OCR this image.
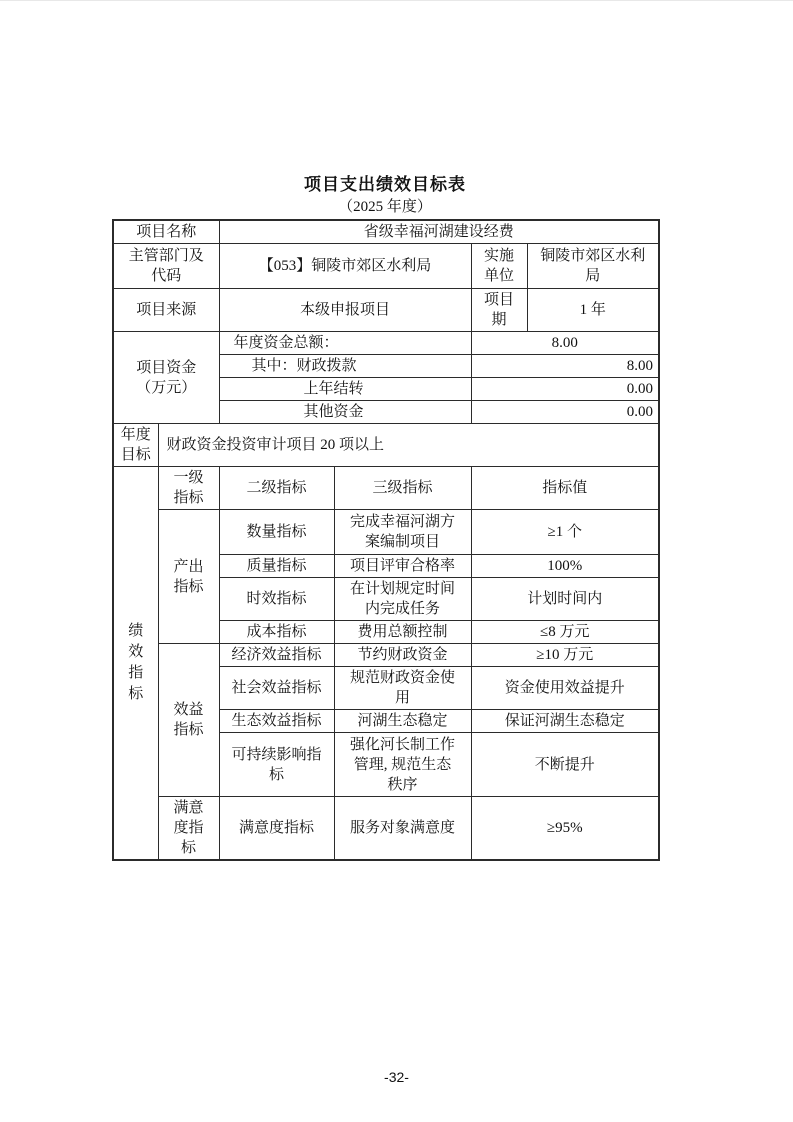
项目支出绩效目标表
（2025 年度）
项目名称		省级幸福河湖建设经费			
主管部门及代码		【053】铜陵市郊区水利局		实施单位	铜陵市郊区水利局
项目来源		本级申报项目		项目期	1 年
项目资金（万元）		年度资金总额：		8.00	
		其中：财政拨款		8.00	
		上年结转		0.00	
		其他资金		0.00	
年度目标	财政资金投资审计项目 20 项以上				

绩效指标	一级指标	二级指标	三级指标	指标值	
	产出指标	数量指标	完成幸福河湖方案编制项目	≥1 个	
		质量指标	项目评审合格率	100%	
		时效指标	在计划规定时间内完成任务	计划时间内	
		成本指标	费用总额控制	≤8 万元	
	效益指标	经济效益指标	节约财政资金	≥10 万元	
		社会效益指标	规范财政资金使用	资金使用效益提升	
		生态效益指标	河湖生态稳定	保证河湖生态稳定	
		可持续影响指标	强化河长制工作管理, 规范生态秩序	不断提升	
	满意度指标	满意度指标	服务对象满意度	≥95%	
-32-
